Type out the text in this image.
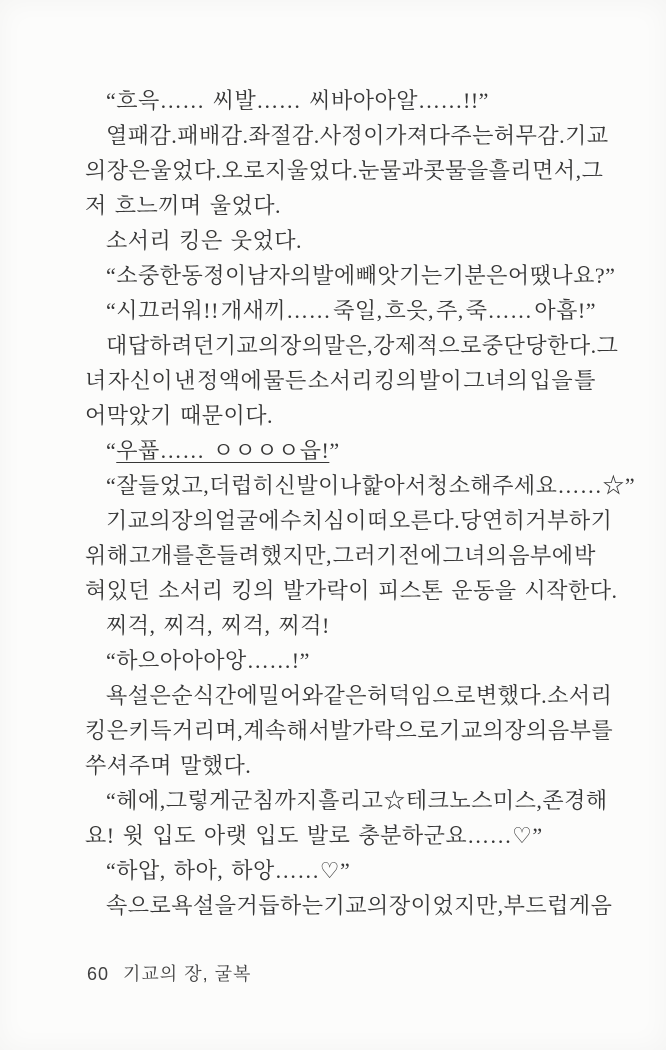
“흐윽…… 씨발…… 씨바아아알……!!”
열패감. 패배감. 좌절감. 사정이 가져다주는 허무감. 기교
의 장은 울었다. 오로지 울었다. 눈물과 콧물을 흘리면서, 그
저 흐느끼며 울었다.
소서리 킹은 웃었다.
“소중한 동정이 남자의 발에 빼앗기는 기분은 어땠나요?”
“시끄러워!! 개새끼…… 죽일, 흐읏, 주, 죽…… 아흡!”
대답하려던 기교의 장의 말은, 강제적으로 중단당한다. 그
녀 자신이 낸 정액에 물든 소서리 킹의 발이 그녀의 입을 틀
어막았기 때문이다.
“우풉…… ㅇㅇㅇㅇ읍!”
“잘 들었고, 더럽히신 발이나 핥아서 청소해주세요……☆”
기교의 장의 얼굴에 수치심이 떠오른다. 당연히 거부하기
위해 고개를 흔들려 했지만, 그러기 전에 그녀의 음부에 박
혀있던 소서리 킹의 발가락이 피스톤 운동을 시작한다.
찌걱, 찌걱, 찌걱, 찌걱!
“하으아아아앙……!”
욕설은 순식간에 밀어와 같은 허덕임으로 변했다. 소서리
킹은 키득거리며, 계속해서 발가락으로 기교의 장의 음부를
쑤셔주며 말했다.
“헤에, 그렇게 군침까지 흘리고☆ 테크노 스미스, 존경해
요! 윗 입도 아랫 입도 발로 충분하군요……♡”
“하압, 하아, 하앙……♡”
속으로 욕설을 거듭하는 기교의 장이었지만, 부드럽게 음
60 기교의 장, 굴복
